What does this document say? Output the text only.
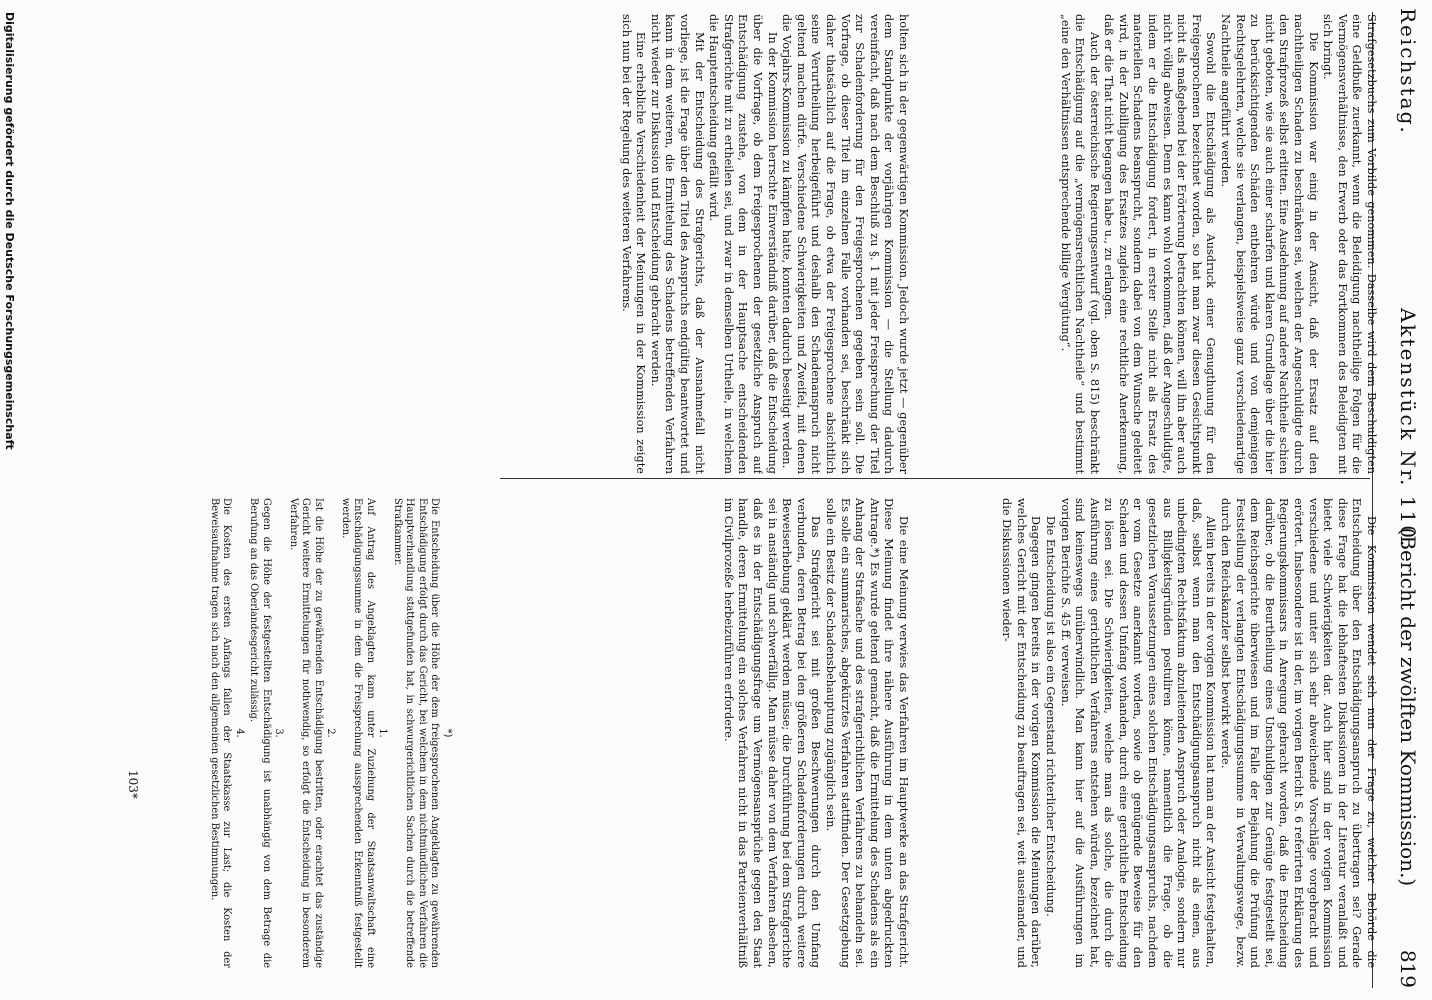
Reichstag.
Aktenstück Nr. 110.
(Bericht der zwölften Kommission.)          819

Strafgesetzbuchs zum Vorbilde genommen. Dasselbe wird dem Beschuldigten eine Geldbuße zuerkannt, wenn die Beleidigung nachtheilige Folgen für die Vermögensverhältnisse, den Erwerb oder das Fortkommen des Beleidigten mit sich bringt.

Die Kommission war einig in der Ansicht, daß der Ersatz auf den nachtheiligen Schaden zu beschränken sei, welchen der Angeschuldigte durch den Strafprozeß selbst erlitten. Eine Ausdehnung auf andere Nachtheile schien nicht geboten, wie sie auch einer scharfen und klaren Grundlage über die hier zu berücksichtigenden Schäden entbehren würde und von demjenigen Rechtsgelehrten, welche sie verlangen, beispielsweise ganz verschiedenartige Nachtheile angeführt werden.

Sowohl die Entschädigung als Ausdruck einer Genugthuung für den Freigesprochenen bezeichnet worden, so hat man zwar diesen Gesichtspunkt nicht als maßgebend bei der Erörterung betrachten können, will ihn aber auch nicht völlig abweisen. Denn es kann wohl vorkommen, daß der Angeschuldigte, indem er die Entschädigung fordert, in erster Stelle nicht als Ersatz des materiellen Schadens beansprucht, sondern dabei von dem Wunsche geleitet wird, in der Zubilligung des Ersatzes zugleich eine rechtliche Anerkennung, daß er die That nicht begangen habe u., zu erlangen.

Auch der österreichische Regierungsentwurf (vgl. oben S. 815) beschränkt die Entschädigung auf die „vermögensrechtlichen Nachtheile“ und bestimmt „eine den Verhältnissen entsprechende billige Vergütung“.

Die Kommission wendet sich nun der Frage zu, welcher Behörde die Entscheidung über den Entschädigungsanspruch zu übertragen sei? Gerade diese Frage hat die lebhaftesten Diskussionen in der Literatur veranlaßt und bietet viele Schwierigkeiten dar. Auch hier sind in der vorigen Kommission verschiedene und unter sich sehr abweichende Vorschläge vorgebracht und erörtert. Insbesondere ist in der, im vorigen Bericht S. 6 referirten Erklärung des Regierungskommissars in Anregung gebracht worden, daß die Entscheidung darüber, ob die Beurtheilung eines Unschuldigen zur Genüge festgestellt sei, dem Reichsgerichte überwiesen und im Falle der Bejahung die Prüfung und Feststellung der verlangten Entschädigungssumme in Verwaltungswege, bezw. durch den Reichskanzler selbst bewirkt werde.

Allein bereits in der vorigen Kommission hat man an der Ansicht festgehalten, daß, selbst wenn man den Entschädigungsanspruch nicht als einen, aus unbedingtem Rechtsfaktum abzuleitenden Anspruch oder Analogie, sondern nur aus Billigkeitsgründen postuliren könne, namentlich die Frage, ob die gesetzlichen Voraussetzungen eines solchen Entschädigungsanspruchs, nachdem er vom Gesetze anerkannt worden, sowie ob genügende Beweise für den Schaden und dessen Umfang vorhanden, durch eine gerichtliche Entscheidung zu lösen sei. Die Schwierigkeiten, welche man als solche, die durch die Ausführung eines gerichtlichen Verfahrens entstehen würden, bezeichnet hat, sind keineswegs unüberwindlich. Man kann hier auf die Ausführungen im vorigen Berichte S. 45 ff. verweisen.

Die Entscheidung ist also ein Gegenstand richterlicher Entscheidung.

Dagegen gingen bereits in der vorigen Kommission die Meinungen darüber, welches Gericht mit der Entscheidung zu beauftragen sei, weit auseinander, und die Diskussionen wieder-

holten sich in der gegenwärtigen Kommission. Jedoch wurde jetzt — gegenüber dem Standpunkte der vorjährigen Kommission — die Stellung dadurch vereinfacht, daß nach dem Beschluß zu §. 1 mit jeder Freisprechung der Titel zur Schadenforderung für den Freigesprochenen gegeben sein soll. Die Vorfrage, ob dieser Titel im einzelnen Falle vorhanden sei, beschränkt sich daher thatsächlich auf die Frage, ob etwa der Freigesprochene absichtlich seine Verurtheilung herbeigeführt und deshalb den Schadenanspruch nicht geltend machen dürfe. Verschiedene Schwierigkeiten und Zweifel, mit denen die Vorjahrs-Kommission zu kämpfen hatte, konnten dadurch beseitigt werden.

In der Kommission herrschte Einverständniß darüber, daß die Entscheidung über die Vorfrage, ob dem Freigesprochenen der gesetzliche Anspruch auf Entschädigung zustehe, von dem in der Hauptsache entscheidenden Strafgerichte mit zu ertheilen sei, und zwar in demselben Urtheile, in welchem die Hauptentscheidung gefällt wird.

Mit der Entscheidung des Strafgerichts, daß der Ausnahmefall nicht vorliege, ist die Frage über den Titel des Anspruchs endgültig beantwortet und kann in dem weiteren, die Ermittelung des Schadens betreffenden Verfahren nicht wieder zur Diskussion und Entscheidung gebracht werden.

Eine erhebliche Verschiedenheit der Meinungen in der Kommission zeigte sich nun bei der Regelung des weiteren Verfahrens.

Die eine Meinung verwies das Verfahren im Hauptwerke an das Strafgericht. Diese Meinung findet ihre nähere Ausführung in dem unten abgedruckten Antrage.*) Es wurde geltend gemacht, daß die Ermittelung des Schadens als ein Anhang der Strafsache und des strafgerichtlichen Verfahrens zu behandeln sei. Es solle ein summarisches, abgekürztes Verfahren stattfinden. Der Gesetzgebung solle ein Besitz der Schadensbehauptung zugänglich sein.

Das Strafgericht sei mit großen Beschwerungen durch den Umfang verbunden, deren Betrag bei den größeren Schadenforderungen durch weitere Beweiserhebung geklärt werden müsse; die Durchführung bei dem Strafgerichte sei in anständig und schwerfällig. Man müsse daher von dem Verfahren absehen, daß es in der Entschädigungsfrage um Vermögensansprüche gegen den Staat handle, deren Ermittelung ein solches Verfahren nicht in das Parteienverhältniß im Civilprozeße herbeizuführen erfordere.

*)
Die Entscheidung über die Höhe der dem freigesprochenen Angeklagten zu gewährenden Entschädigung erfolgt durch das Gericht, bei welchem in dem nichtmündlichen Verfahren die Hauptverhandlung stattgefunden hat, in schwurgerichtlichen Sachen durch die betreffende Strafkammer.

1.
Auf Antrag des Angeklagten kann unter Zuziehung der Staatsanwaltschaft eine Entschädigungssumme in dem die Freisprechung aussprechenden Erkenntniß festgestellt werden.

2.
Ist die Höhe der zu gewährenden Entschädigung bestritten, oder erachtet das zuständige Gericht weitere Ermittelungen für nothwendig, so erfolgt die Entscheidung in besonderem Verfahren.

3.
Gegen die Höhe der festgestellten Entschädigung ist unabhängig von dem Betrage die Berufung an das Oberlandesgericht zulässig.

4.
Die Kosten des ersten Anfangs fallen der Staatskasse zur Last; die Kosten der Beweisaufnahme tragen sich nach den allgemeinen gesetzlichen Bestimmungen.

103*
Digitalisierung gefördert durch die Deutsche Forschungsgemeinschaft
